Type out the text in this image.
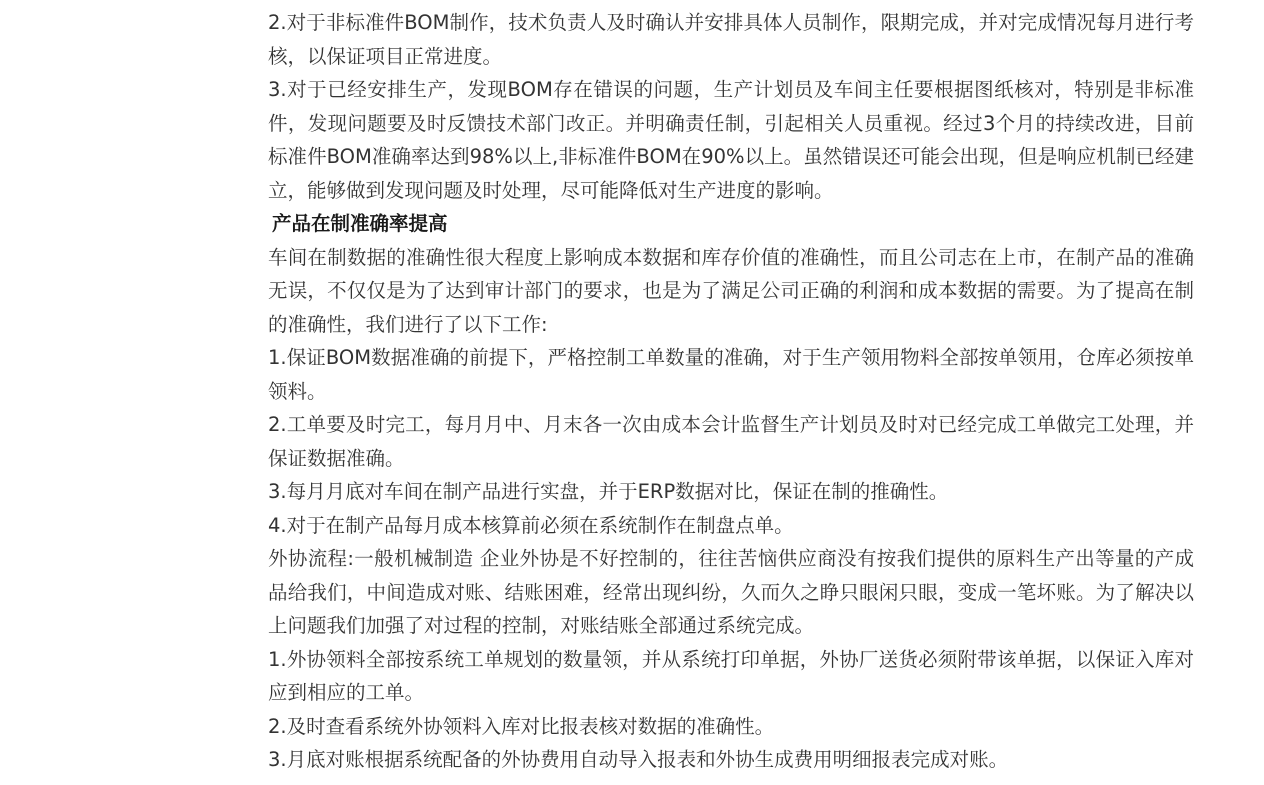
2.对于非标准件BOM制作，技术负责人及时确认并安排具体人员制作，限期完成，并对完成情况每月进行考核，以保证项目正常进度。

3.对于已经安排生产，发现BOM存在错误的问题，生产计划员及车间主任要根据图纸核对，特别是非标准件，发现问题要及时反馈技术部门改正。并明确责任制，引起相关人员重视。经过3个月的持续改进，目前标准件BOM准确率达到98%以上,非标准件BOM在90%以上。虽然错误还可能会出现，但是响应机制已经建立，能够做到发现问题及时处理，尽可能降低对生产进度的影响。

产品在制准确率提高

车间在制数据的准确性很大程度上影响成本数据和库存价值的准确性，而且公司志在上市，在制产品的准确无误，不仅仅是为了达到审计部门的要求，也是为了满足公司正确的利润和成本数据的需要。为了提高在制的准确性，我们进行了以下工作:

1.保证BOM数据准确的前提下，严格控制工单数量的准确，对于生产领用物料全部按单领用，仓库必须按单领料。

2.工单要及时完工，每月月中、月末各一次由成本会计监督生产计划员及时对已经完成工单做完工处理，并保证数据准确。

3.每月月底对车间在制产品进行实盘，并于ERP数据对比，保证在制的推确性。

4.对于在制产品每月成本核算前必须在系统制作在制盘点单。

外协流程:一般机械制造 企业外协是不好控制的，往往苦恼供应商没有按我们提供的原料生产出等量的产成品给我们，中间造成对账、结账困难，经常出现纠纷，久而久之睁只眼闲只眼，变成一笔坏账。为了解决以上问题我们加强了对过程的控制，对账结账全部通过系统完成。

1.外协领料全部按系统工单规划的数量领，并从系统打印单据，外协厂送货必须附带该单据，以保证入库对应到相应的工单。

2.及时查看系统外协领料入库对比报表核对数据的准确性。

3.月底对账根据系统配备的外协费用自动导入报表和外协生成费用明细报表完成对账。
